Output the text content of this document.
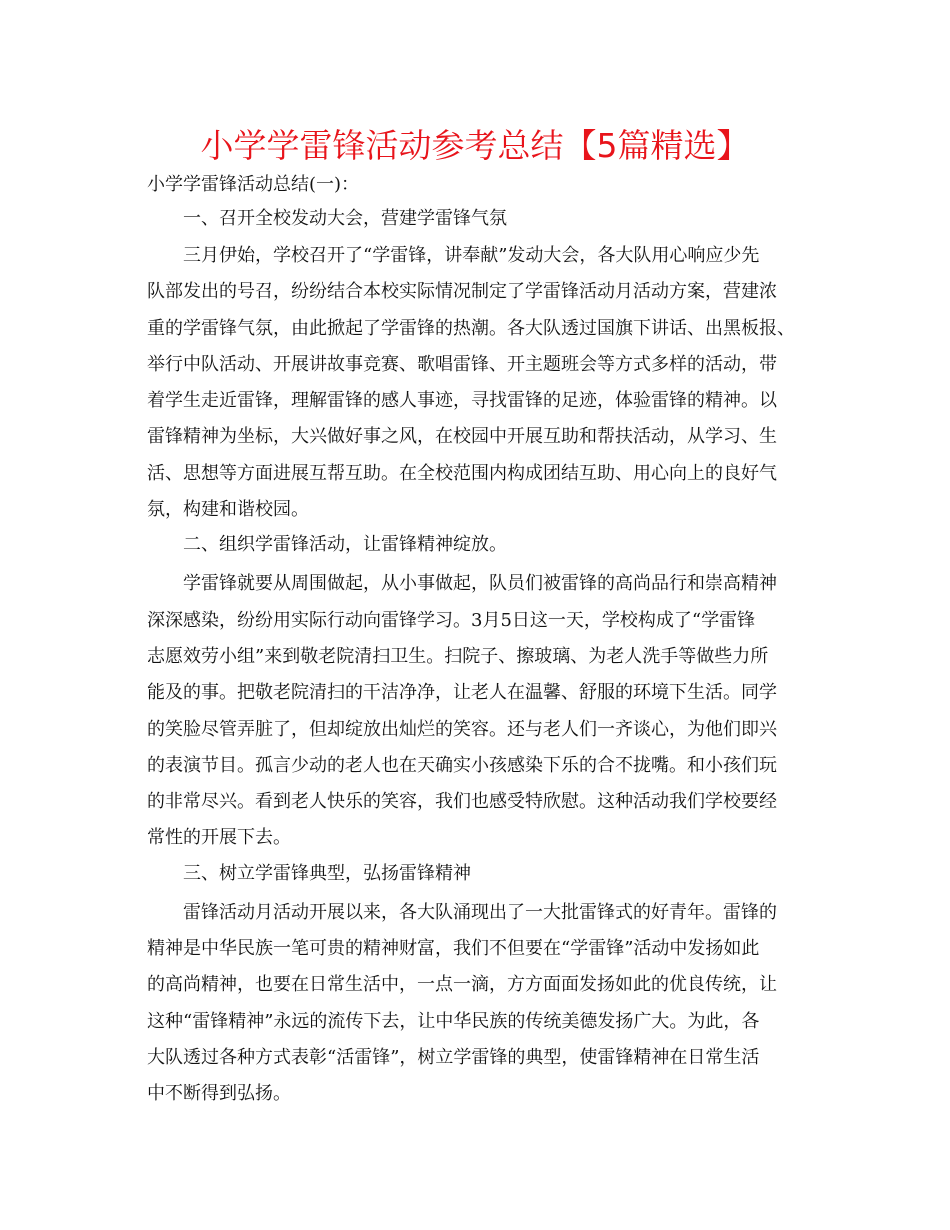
小学学雷锋活动参考总结【5篇精选】

小学学雷锋活动总结(一)：

一、召开全校发动大会，营建学雷锋气氛

三月伊始，学校召开了“学雷锋，讲奉献”发动大会，各大队用心响应少先
队部发出的号召，纷纷结合本校实际情况制定了学雷锋活动月活动方案，营建浓
重的学雷锋气氛，由此掀起了学雷锋的热潮。各大队透过国旗下讲话、出黑板报、
举行中队活动、开展讲故事竞赛、歌唱雷锋、开主题班会等方式多样的活动，带
着学生走近雷锋，理解雷锋的感人事迹，寻找雷锋的足迹，体验雷锋的精神。以
雷锋精神为坐标，大兴做好事之风，在校园中开展互助和帮扶活动，从学习、生
活、思想等方面进展互帮互助。在全校范围内构成团结互助、用心向上的良好气
氛，构建和谐校园。

二、组织学雷锋活动，让雷锋精神绽放。

学雷锋就要从周围做起，从小事做起，队员们被雷锋的高尚品行和崇高精神
深深感染，纷纷用实际行动向雷锋学习。3月5日这一天，学校构成了“学雷锋
志愿效劳小组”来到敬老院清扫卫生。扫院子、擦玻璃、为老人洗手等做些力所
能及的事。把敬老院清扫的干洁净净，让老人在温馨、舒服的环境下生活。同学
的笑脸尽管弄脏了，但却绽放出灿烂的笑容。还与老人们一齐谈心，为他们即兴
的表演节目。孤言少动的老人也在天确实小孩感染下乐的合不拢嘴。和小孩们玩
的非常尽兴。看到老人快乐的笑容，我们也感受特欣慰。这种活动我们学校要经
常性的开展下去。

三、树立学雷锋典型，弘扬雷锋精神

雷锋活动月活动开展以来，各大队涌现出了一大批雷锋式的好青年。雷锋的
精神是中华民族一笔可贵的精神财富，我们不但要在“学雷锋”活动中发扬如此
的高尚精神，也要在日常生活中，一点一滴，方方面面发扬如此的优良传统，让
这种“雷锋精神”永远的流传下去，让中华民族的传统美德发扬广大。为此，各
大队透过各种方式表彰“活雷锋”，树立学雷锋的典型，使雷锋精神在日常生活
中不断得到弘扬。
